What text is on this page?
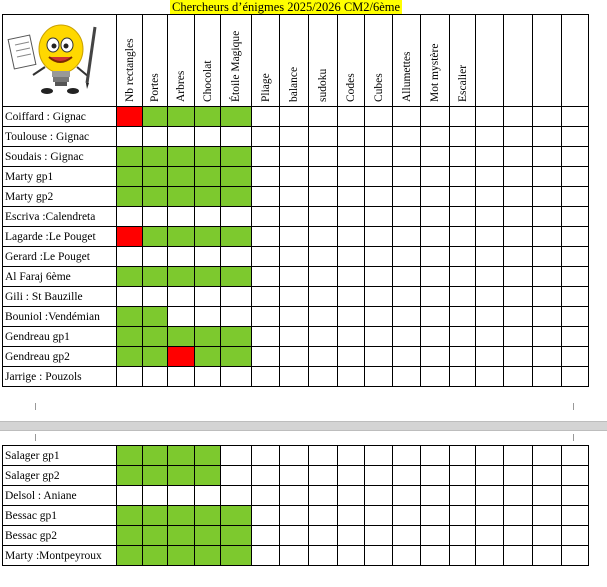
Chercheurs d’énigmes 2025/2026 CM2/6ème

Nb rectangles	Portes	Arbres	Chocolat	Étoile Magique	Pliage	balance	sudoku	Codes	Cubes	Allumettes	Mot mystère	Escalier				

Coiffard : Gignac																	
Toulouse : Gignac																	
Soudais : Gignac																	
Marty gp1																	
Marty gp2																	
Escriva :Calendreta																	
Lagarde :Le Pouget																	
Gerard :Le Pouget																	
Al Faraj 6ème																	
Gili : St Bauzille																	
Bouniol :Vendémian																	
Gendreau gp1																	
Gendreau gp2																	
Jarrige : Pouzols																	
Salager gp1																	
Salager gp2																	
Delsol : Aniane																	
Bessac gp1																	
Bessac gp2																	
Marty :Montpeyroux																	
